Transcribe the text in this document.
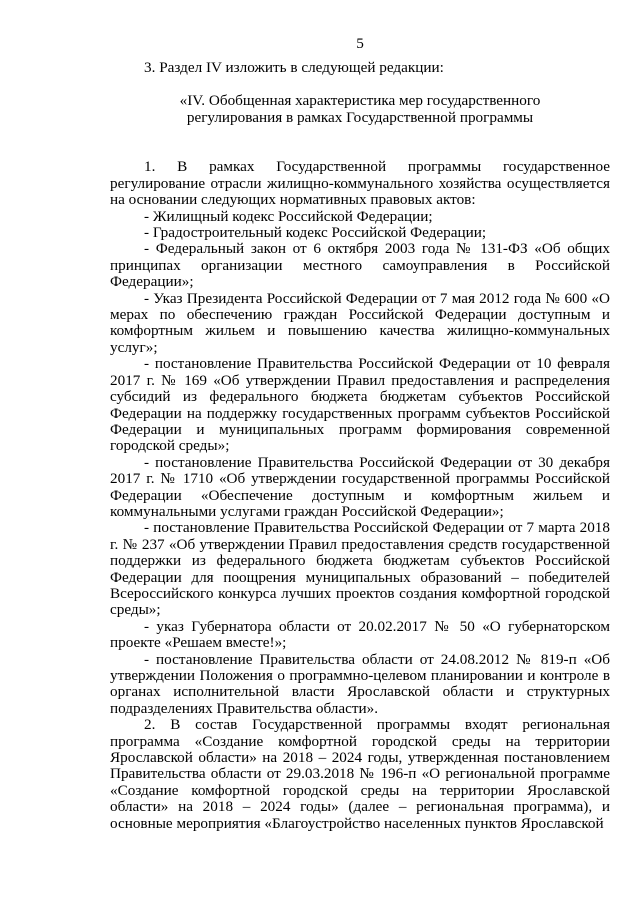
5

3. Раздел IV изложить в следующей редакции:

«IV. Обобщенная характеристика мер государственного
регулирования в рамках Государственной программы

1. В рамках Государственной программы государственное регулирование отрасли жилищно-коммунального хозяйства осуществляется на основании следующих нормативных правовых актов:

- Жилищный кодекс Российской Федерации;

- Градостроительный кодекс Российской Федерации;

- Федеральный закон от 6 октября 2003 года № 131-ФЗ «Об общих принципах организации местного самоуправления в Российской Федерации»;

- Указ Президента Российской Федерации от 7 мая 2012 года № 600 «О мерах по обеспечению граждан Российской Федерации доступным и комфортным жильем и повышению качества жилищно-коммунальных услуг»;

- постановление Правительства Российской Федерации от 10 февраля 2017 г. № 169 «Об утверждении Правил предоставления и распределения субсидий из федерального бюджета бюджетам субъектов Российской Федерации на поддержку государственных программ субъектов Российской Федерации и муниципальных программ формирования современной городской среды»;

- постановление Правительства Российской Федерации от 30 декабря 2017 г. № 1710 «Об утверждении государственной программы Российской Федерации «Обеспечение доступным и комфортным жильем и коммунальными услугами граждан Российской Федерации»;

- постановление Правительства Российской Федерации от 7 марта 2018 г. № 237 «Об утверждении Правил предоставления средств государственной поддержки из федерального бюджета бюджетам субъектов Российской Федерации для поощрения муниципальных образований – победителей Всероссийского конкурса лучших проектов создания комфортной городской среды»;

- указ Губернатора области от 20.02.2017 № 50 «О губернаторском проекте «Решаем вместе!»;

- постановление Правительства области от 24.08.2012 № 819-п «Об утверждении Положения о программно-целевом планировании и контроле в органах исполнительной власти Ярославской области и структурных подразделениях Правительства области».

2. В состав Государственной программы входят региональная программа «Создание комфортной городской среды на территории Ярославской области» на 2018 – 2024 годы, утвержденная постановлением Правительства области от 29.03.2018 № 196-п «О региональной программе «Создание комфортной городской среды на территории Ярославской области» на 2018 – 2024 годы» (далее – региональная программа), и основные мероприятия «Благоустройство населенных пунктов Ярославской
